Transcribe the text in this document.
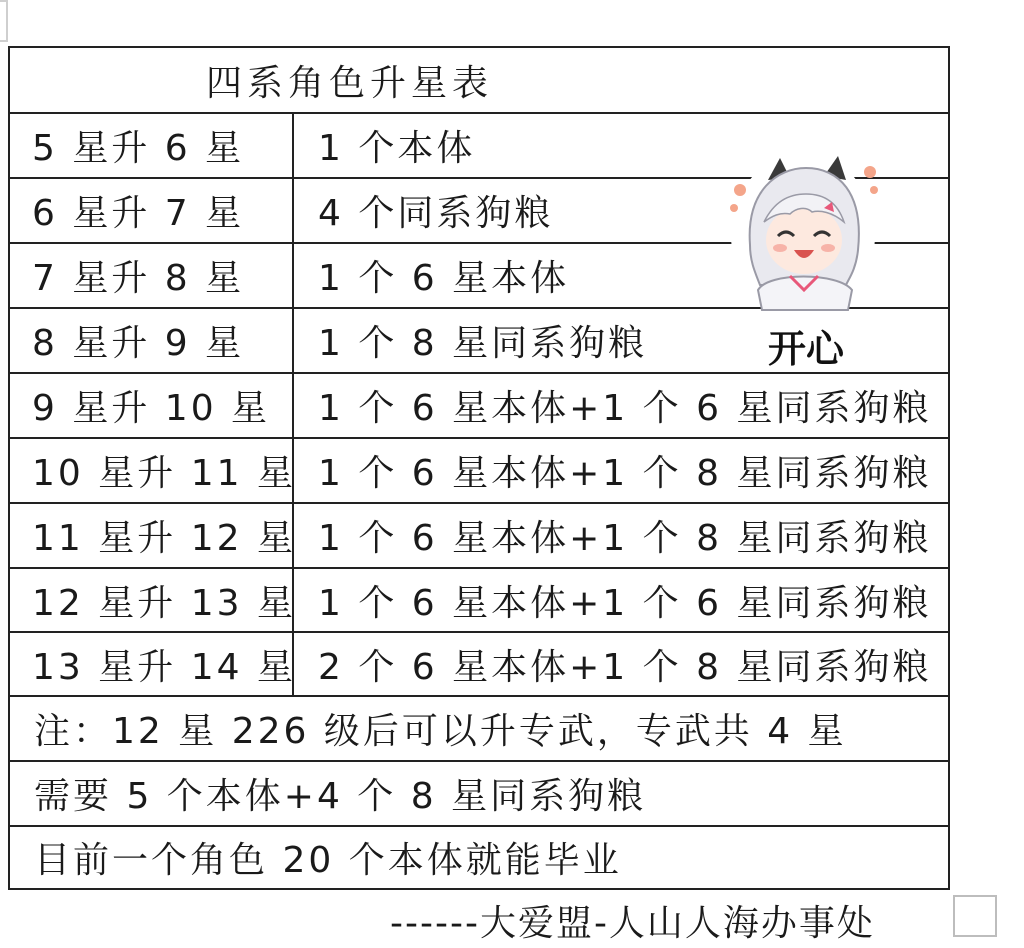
四系角色升星表
5 星升 6 星	1 个本体
6 星升 7 星	4 个同系狗粮
7 星升 8 星	1 个 6 星本体
8 星升 9 星	1 个 8 星同系狗粮
9 星升 10 星	1 个 6 星本体+1 个 6 星同系狗粮
10 星升 11 星 1 个 6 星本体+1 个 8 星同系狗粮
11 星升 12 星 1 个 6 星本体+1 个 8 星同系狗粮
12 星升 13 星 1 个 6 星本体+1 个 6 星同系狗粮
13 星升 14 星 2 个 6 星本体+1 个 8 星同系狗粮
注：12 星 226 级后可以升专武，专武共 4 星
需要 5 个本体+4 个 8 星同系狗粮
目前一个角色 20 个本体就能毕业
开心
------大爱盟-人山人海办事处
